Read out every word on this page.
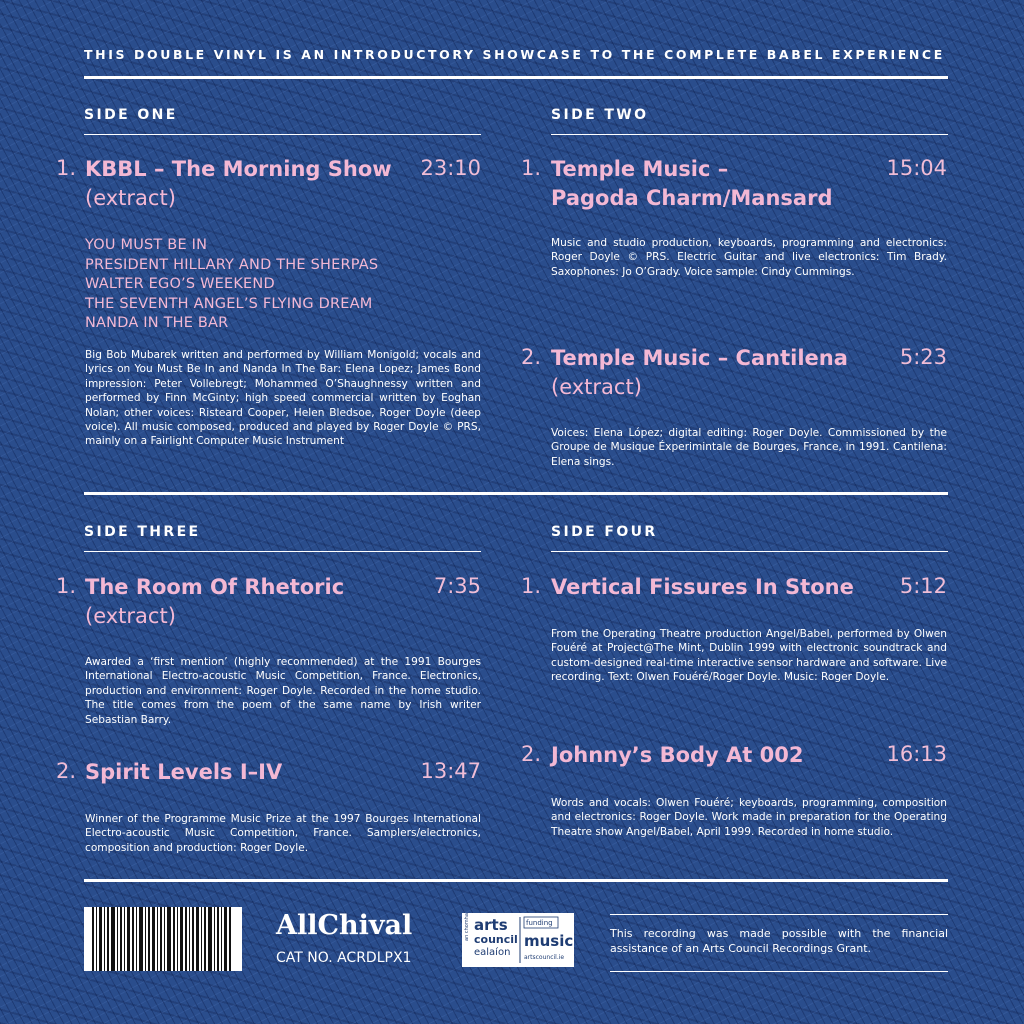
THIS DOUBLE VINYL IS AN INTRODUCTORY SHOWCASE TO THE COMPLETE BABEL EXPERIENCE
SIDE ONE
1. KBBL – The Morning Show
(extract)
23:10
YOU MUST BE IN
PRESIDENT HILLARY AND THE SHERPAS
WALTER EGO’S WEEKEND
THE SEVENTH ANGEL’S FLYING DREAM
NANDA IN THE BAR
Big Bob Mubarek written and performed by William Monigold; vocals and lyrics on You Must Be In and Nanda In The Bar: Elena Lopez; James Bond impression: Peter Vollebregt; Mohammed O’Shaughnessy written and performed by Finn McGinty; high speed commercial written by Eoghan Nolan; other voices: Risteard Cooper, Helen Bledsoe, Roger Doyle (deep voice). All music composed, produced and played by Roger Doyle © PRS, mainly on a Fairlight Computer Music Instrument
SIDE TWO
1. Temple Music –
Pagoda Charm/Mansard
15:04
Music and studio production, keyboards, programming and electronics: Roger Doyle © PRS. Electric Guitar and live electronics: Tim Brady. Saxophones: Jo O’Grady. Voice sample: Cindy Cummings.
2. Temple Music – Cantilena
(extract)
5:23
Voices: Elena López; digital editing: Roger Doyle. Commissioned by the Groupe de Musique Éxperimintale de Bourges, France, in 1991. Cantilena: Elena sings.
SIDE THREE
1. The Room Of Rhetoric
(extract)
7:35
Awarded a ‘first mention’ (highly recommended) at the 1991 Bourges International Electro-acoustic Music Competition, France. Electronics, production and environment: Roger Doyle. Recorded in the home studio. The title comes from the poem of the same name by Irish writer Sebastian Barry.
2. Spirit Levels I–IV	13:47
Winner of the Programme Music Prize at the 1997 Bourges International Electro-acoustic Music Competition, France. Samplers/electronics, composition and production: Roger Doyle.
SIDE FOUR
1. Vertical Fissures In Stone	5:12
From the Operating Theatre production Angel/Babel, performed by Olwen Fouéré at Project@The Mint, Dublin 1999 with electronic soundtrack and custom-designed real-time interactive sensor hardware and software. Live recording. Text: Olwen Fouéré/Roger Doyle. Music: Roger Doyle.
2. Johnny’s Body At 002	16:13
Words and vocals: Olwen Fouéré; keyboards, programming, composition and electronics: Roger Doyle. Work made in preparation for the Operating Theatre show Angel/Babel, April 1999. Recorded in home studio.
AllChival
CAT NO. ACRDLPX1
an chomhairle arts
council
ealaíon
funding
music
artscouncil.ie
This recording was made possible with the financial assistance of an Arts Council Recordings Grant.
